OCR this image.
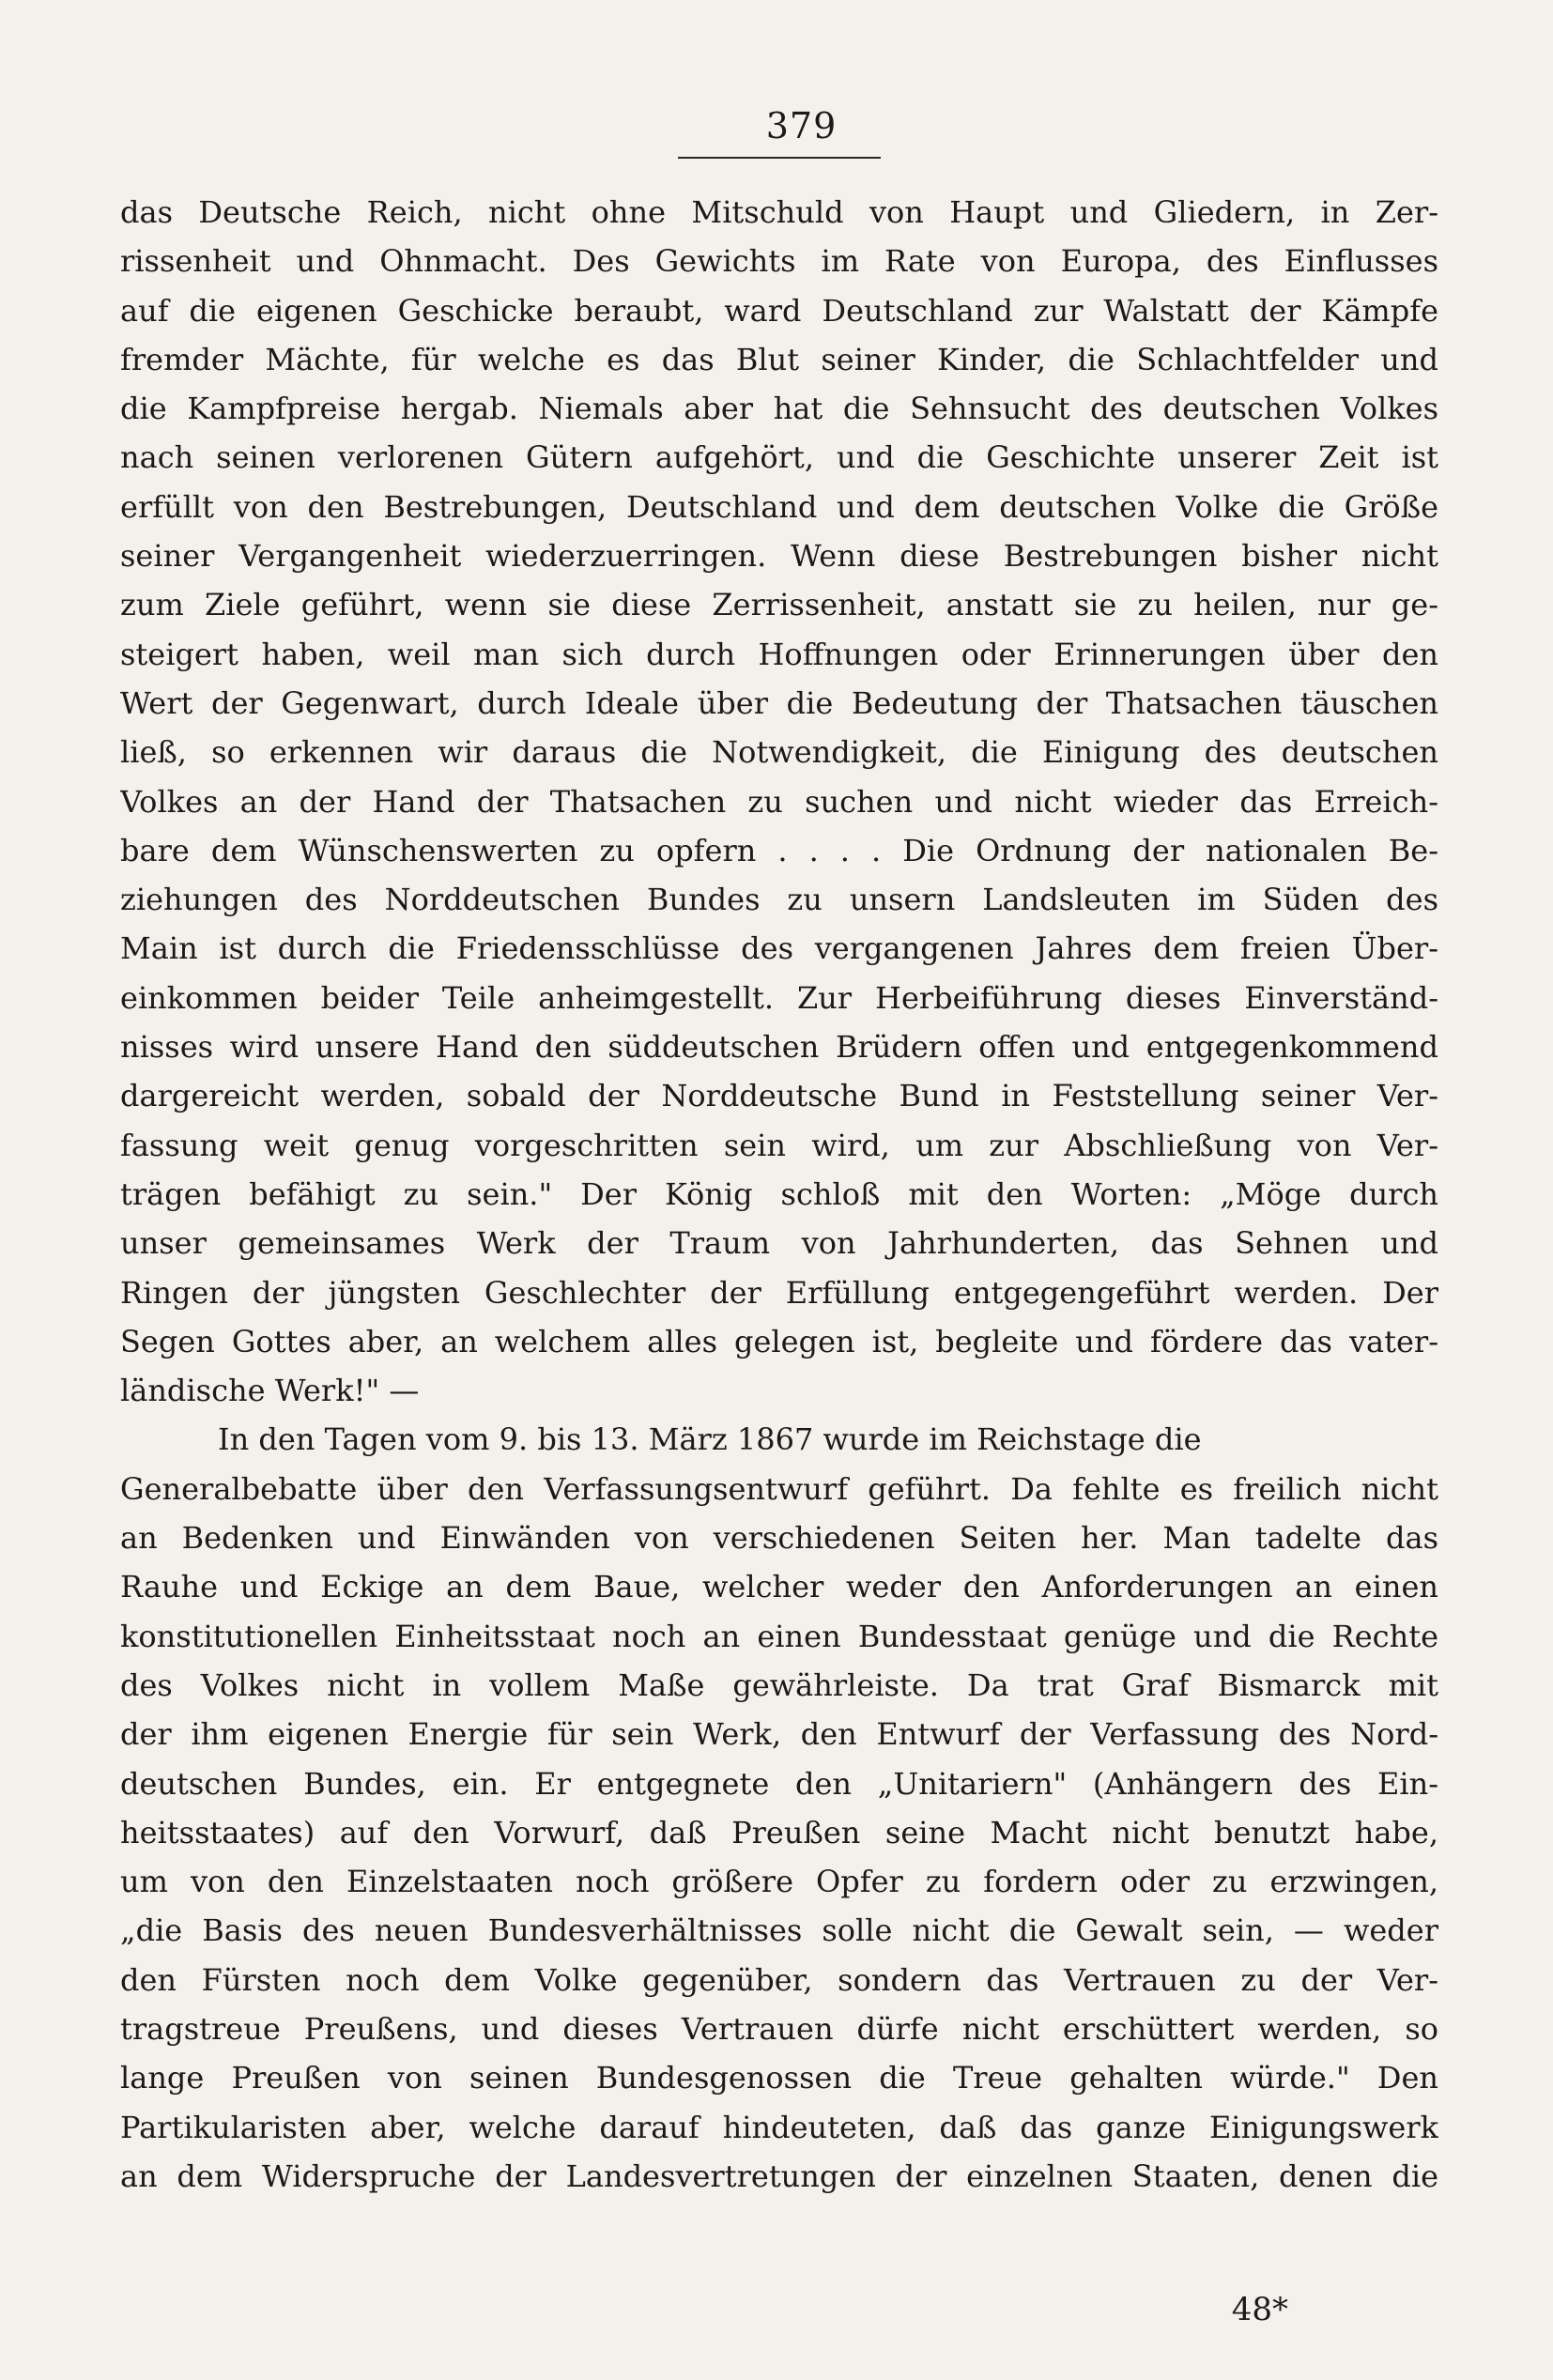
379
das Deutsche Reich, nicht ohne Mitschuld von Haupt und Gliedern, in Zer-
rissenheit und Ohnmacht. Des Gewichts im Rate von Europa, des Einflusses
auf die eigenen Geschicke beraubt, ward Deutschland zur Walstatt der Kämpfe
fremder Mächte, für welche es das Blut seiner Kinder, die Schlachtfelder und
die Kampfpreise hergab. Niemals aber hat die Sehnsucht des deutschen Volkes
nach seinen verlorenen Gütern aufgehört, und die Geschichte unserer Zeit ist
erfüllt von den Bestrebungen, Deutschland und dem deutschen Volke die Größe
seiner Vergangenheit wiederzuerringen. Wenn diese Bestrebungen bisher nicht
zum Ziele geführt, wenn sie diese Zerrissenheit, anstatt sie zu heilen, nur ge-
steigert haben, weil man sich durch Hoffnungen oder Erinnerungen über den
Wert der Gegenwart, durch Ideale über die Bedeutung der Thatsachen täuschen
ließ, so erkennen wir daraus die Notwendigkeit, die Einigung des deutschen
Volkes an der Hand der Thatsachen zu suchen und nicht wieder das Erreich-
bare dem Wünschenswerten zu opfern . . . . Die Ordnung der nationalen Be-
ziehungen des Norddeutschen Bundes zu unsern Landsleuten im Süden des
Main ist durch die Friedensschlüsse des vergangenen Jahres dem freien Über-
einkommen beider Teile anheimgestellt. Zur Herbeiführung dieses Einverständ-
nisses wird unsere Hand den süddeutschen Brüdern offen und entgegenkommend
dargereicht werden, sobald der Norddeutsche Bund in Feststellung seiner Ver-
fassung weit genug vorgeschritten sein wird, um zur Abschließung von Ver-
trägen befähigt zu sein." Der König schloß mit den Worten: „Möge durch
unser gemeinsames Werk der Traum von Jahrhunderten, das Sehnen und
Ringen der jüngsten Geschlechter der Erfüllung entgegengeführt werden. Der
Segen Gottes aber, an welchem alles gelegen ist, begleite und fördere das vater-
ländische Werk!" —
In den Tagen vom 9. bis 13. März 1867 wurde im Reichstage die
Generalbebatte über den Verfassungsentwurf geführt. Da fehlte es freilich nicht
an Bedenken und Einwänden von verschiedenen Seiten her. Man tadelte das
Rauhe und Eckige an dem Baue, welcher weder den Anforderungen an einen
konstitutionellen Einheitsstaat noch an einen Bundesstaat genüge und die Rechte
des Volkes nicht in vollem Maße gewährleiste. Da trat Graf Bismarck mit
der ihm eigenen Energie für sein Werk, den Entwurf der Verfassung des Nord-
deutschen Bundes, ein. Er entgegnete den „Unitariern" (Anhängern des Ein-
heitsstaates) auf den Vorwurf, daß Preußen seine Macht nicht benutzt habe,
um von den Einzelstaaten noch größere Opfer zu fordern oder zu erzwingen,
„die Basis des neuen Bundesverhältnisses solle nicht die Gewalt sein, — weder
den Fürsten noch dem Volke gegenüber, sondern das Vertrauen zu der Ver-
tragstreue Preußens, und dieses Vertrauen dürfe nicht erschüttert werden, so
lange Preußen von seinen Bundesgenossen die Treue gehalten würde." Den
Partikularisten aber, welche darauf hindeuteten, daß das ganze Einigungswerk
an dem Widerspruche der Landesvertretungen der einzelnen Staaten, denen die
48*
